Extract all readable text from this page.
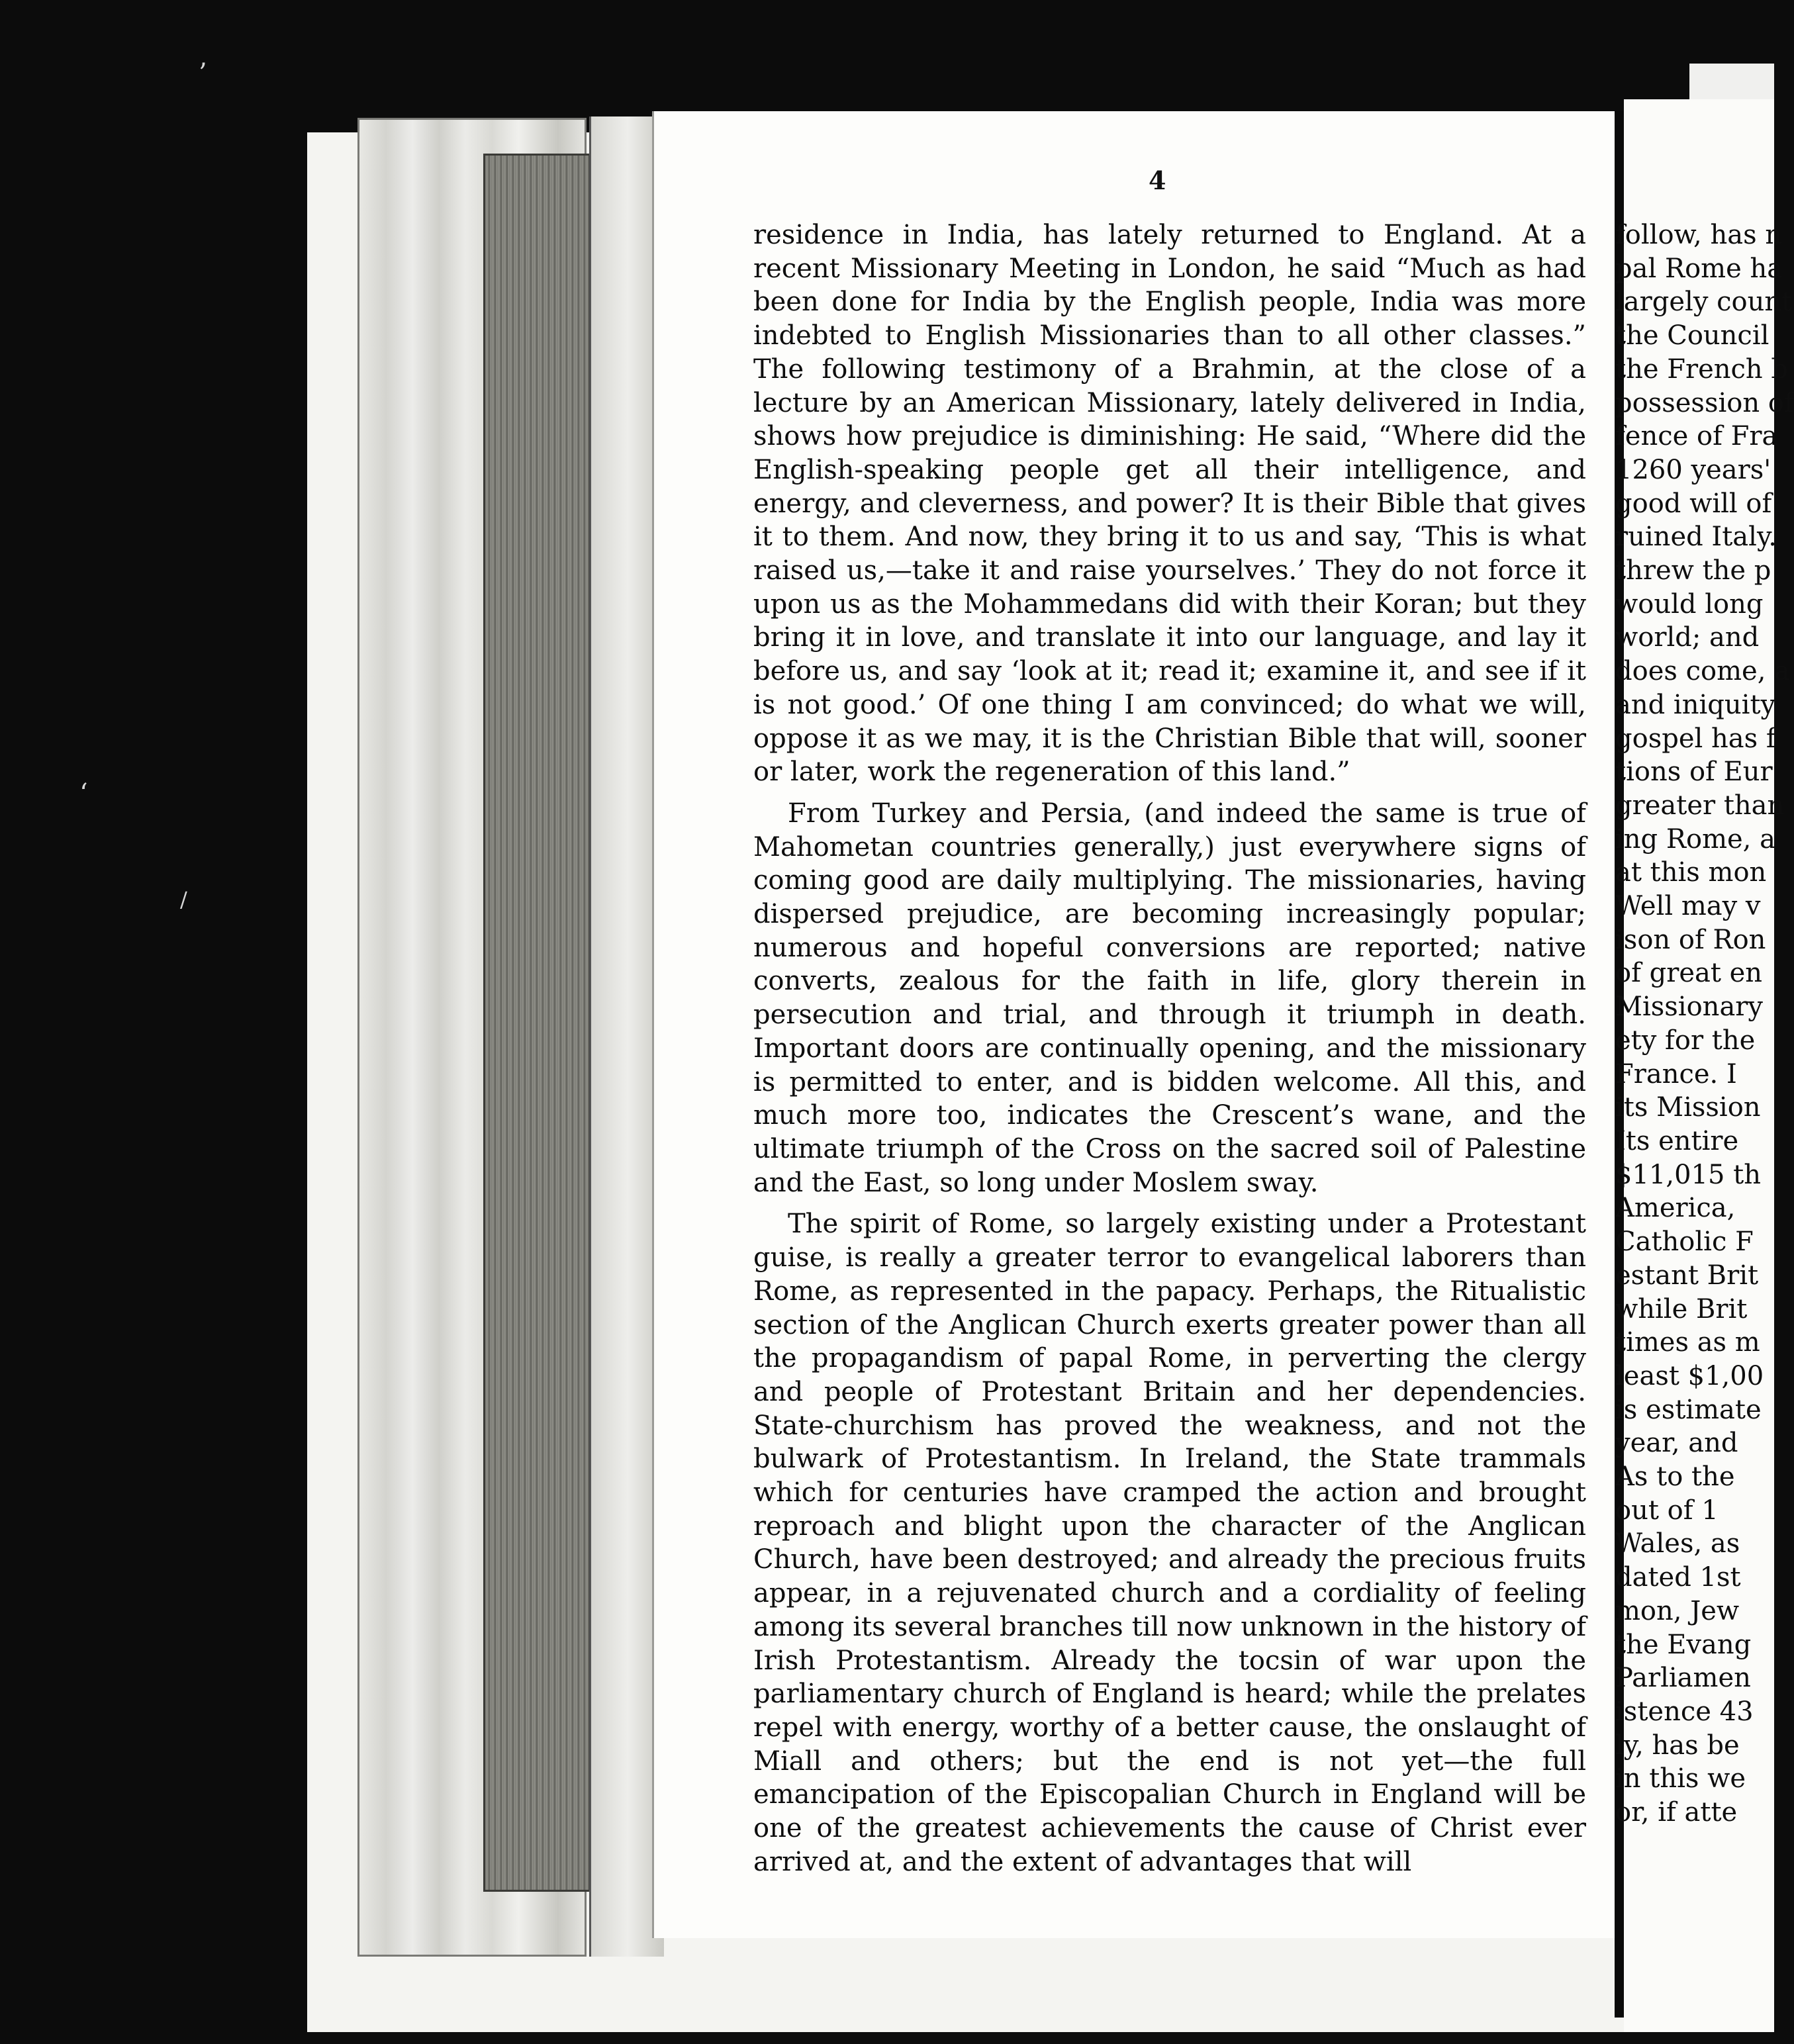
’
‘
/
4

residence in India, has lately returned to England. At a recent Missionary Meeting in London, he said “Much as had been done for India by the English people, India was more indebted to English Missionaries than to all other classes.” The following testimony of a Brahmin, at the close of a lecture by an American Missionary, lately delivered in India, shows how prejudice is diminishing: He said, “Where did the English-speaking people get all their intelligence, and energy, and cleverness, and power? It is their Bible that gives it to them. And now, they bring it to us and say, ‘This is what raised us,—take it and raise yourselves.’ They do not force it upon us as the Mohammedans did with their Koran; but they bring it in love, and translate it into our language, and lay it before us, and say ‘look at it; read it; examine it, and see if it is not good.’ Of one thing I am convinced; do what we will, oppose it as we may, it is the Christian Bible that will, sooner or later, work the regeneration of this land.”

From Turkey and Persia, (and indeed the same is true of Mahometan countries generally,) just everywhere signs of coming good are daily multiplying. The missionaries, having dispersed prejudice, are becoming increasingly popular; numerous and hopeful conversions are reported; native converts, zealous for the faith in life, glory therein in persecution and trial, and through it triumph in death. Important doors are continually opening, and the missionary is permitted to enter, and is bidden welcome. All this, and much more too, indicates the Crescent’s wane, and the ultimate triumph of the Cross on the sacred soil of Palestine and the East, so long under Moslem sway.

The spirit of Rome, so largely existing under a Protestant guise, is really a greater terror to evangelical laborers than Rome, as represented in the papacy. Perhaps, the Ritualistic section of the Anglican Church exerts greater power than all the propagandism of papal Rome, in perverting the clergy and people of Protestant Britain and her dependencies. State-churchism has proved the weakness, and not the bulwark of Protestantism. In Ireland, the State trammals which for centuries have cramped the action and brought reproach and blight upon the character of the Anglican Church, have been destroyed; and already the precious fruits appear, in a rejuvenated church and a cordiality of feeling among its several branches till now unknown in the history of Irish Protestantism. Already the tocsin of war upon the parliamentary church of England is heard; while the prelates repel with energy, worthy of a better cause, the onslaught of Miall and others; but the end is not yet—the full emancipation of the Episcopalian Church in England will be one of the greatest achievements the cause of Christ ever arrived at, and the extent of advantages that will

follow, has n
pal Rome ha
largely count
the Council
the French b
possession of
fence of Fra
1260 years'
good will of
ruined Italy.
threw the p
would long
world; and
does come, a
and iniquity
gospel has f
tions of Eur
greater than
ing Rome, a
at this mon
Well may v
ison of Ron
of great en
Missionary
ety for the
France. I
its Mission
Its entire
$11,015 th
America,
Catholic F
estant Brit
while Brit
times as m
least $1,00
is estimate
year, and
As to the
out of 1
Wales, as
dated 1st
mon, Jew
the Evang
Parliamen
istence 43
ly, has be
in this we
or, if atte
